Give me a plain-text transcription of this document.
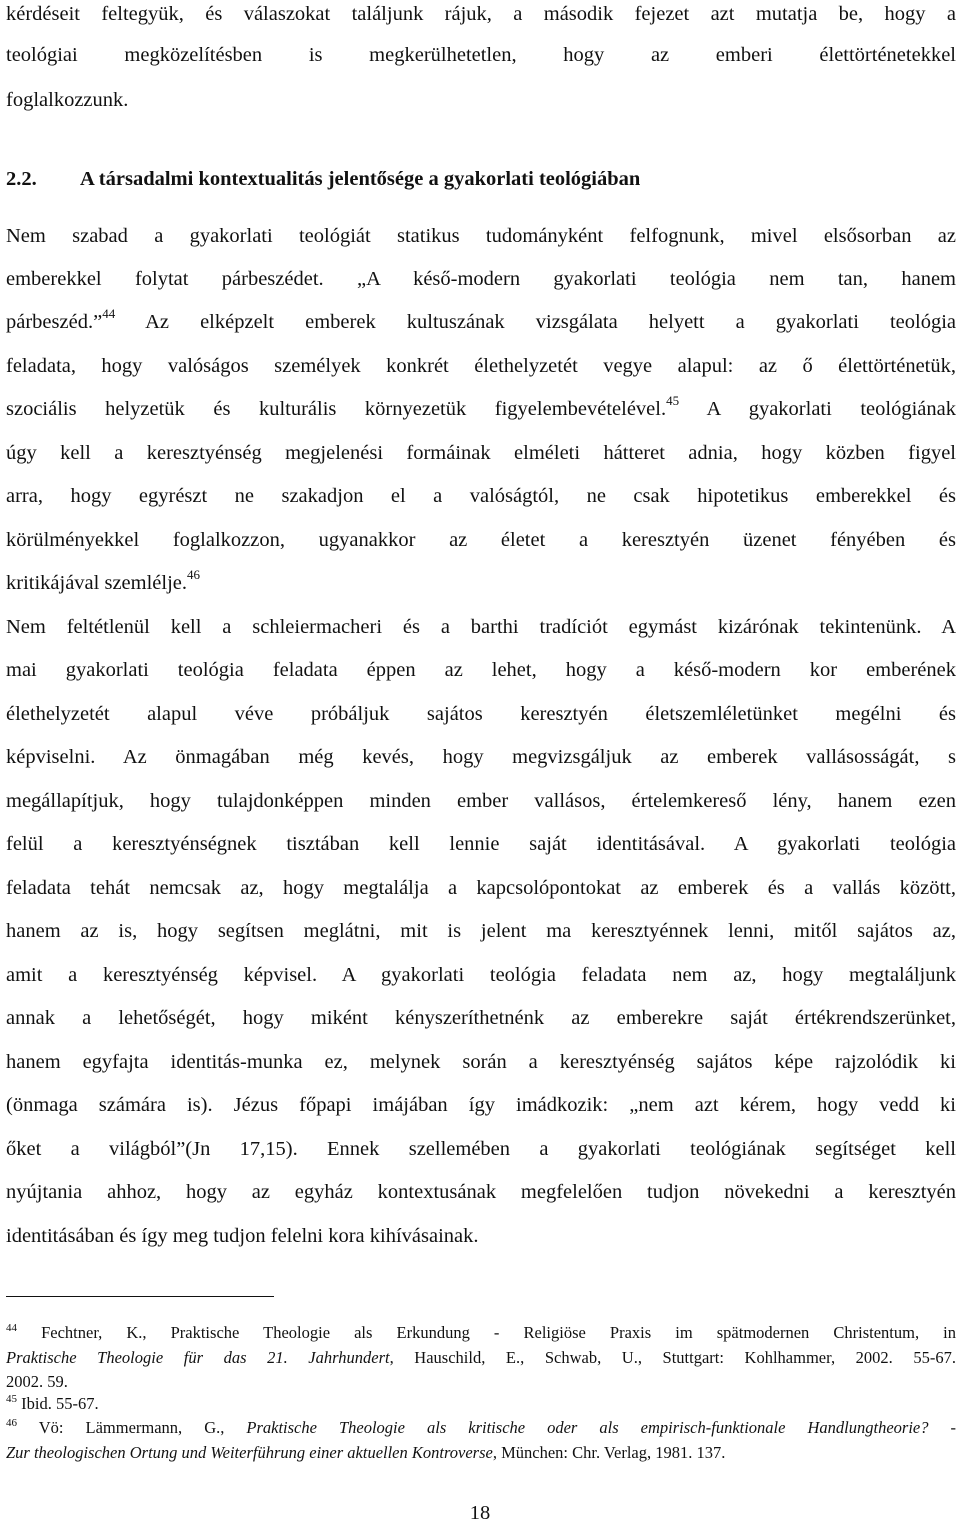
kérdéseit feltegyük, és válaszokat találjunk rájuk, a második fejezet azt mutatja be, hogy a
teológiai megközelítésben is megkerülhetetlen, hogy az emberi élettörténetekkel
foglalkozzunk.
2.2. A társadalmi kontextualitás jelentősége a gyakorlati teológiában
Nem szabad a gyakorlati teológiát statikus tudományként felfognunk, mivel elsősorban az
emberekkel folytat párbeszédet. „A késő-modern gyakorlati teológia nem tan, hanem
párbeszéd.”$^{44}$ Az elképzelt emberek kultuszának vizsgálata helyett a gyakorlati teológia
feladata, hogy valóságos személyek konkrét élethelyzetét vegye alapul: az ő élettörténetük,
szociális helyzetük és kulturális környezetük figyelembevételével.$^{45}$ A gyakorlati teológiának
úgy kell a keresztyénség megjelenési formáinak elméleti hátteret adnia, hogy közben figyel
arra, hogy egyrészt ne szakadjon el a valóságtól, ne csak hipotetikus emberekkel és
körülményekkel foglalkozzon, ugyanakkor az életet a keresztyén üzenet fényében és
kritikájával szemlélje.$^{46}$
Nem feltétlenül kell a schleiermacheri és a barthi tradíciót egymást kizárónak tekintenünk. A
mai gyakorlati teológia feladata éppen az lehet, hogy a késő-modern kor emberének
élethelyzetét alapul véve próbáljuk sajátos keresztyén életszemléletünket megélni és
képviselni. Az önmagában még kevés, hogy megvizsgáljuk az emberek vallásosságát, s
megállapítjuk, hogy tulajdonképpen minden ember vallásos, értelemkereső lény, hanem ezen
felül a keresztyénségnek tisztában kell lennie saját identitásával. A gyakorlati teológia
feladata tehát nemcsak az, hogy megtalálja a kapcsolópontokat az emberek és a vallás között,
hanem az is, hogy segítsen meglátni, mit is jelent ma keresztyénnek lenni, mitől sajátos az,
amit a keresztyénség képvisel. A gyakorlati teológia feladata nem az, hogy megtaláljunk
annak a lehetőségét, hogy miként kényszeríthetnénk az emberekre saját értékrendszerünket,
hanem egyfajta identitás-munka ez, melynek során a keresztyénség sajátos képe rajzolódik ki
(önmaga számára is). Jézus főpapi imájában így imádkozik: „nem azt kérem, hogy vedd ki
őket a világból”(Jn 17,15). Ennek szellemében a gyakorlati teológiának segítséget kell
nyújtania ahhoz, hogy az egyház kontextusának megfelelően tudjon növekedni a keresztyén
identitásában és így meg tudjon felelni kora kihívásainak.
$^{44}$ Fechtner, K., Praktische Theologie als Erkundung - Religiöse Praxis im spätmodernen Christentum, in
Praktische Theologie für das 21. Jahrhundert, Hauschild, E., Schwab, U., Stuttgart: Kohlhammer, 2002. 55-67.
2002. 59.
$^{45}$ Ibid. 55-67.
$^{46}$ Vö: Lämmermann, G., Praktische Theologie als kritische oder als empirisch-funktionale Handlungtheorie? -
Zur theologischen Ortung und Weiterführung einer aktuellen Kontroverse, München: Chr. Verlag, 1981. 137.
18
